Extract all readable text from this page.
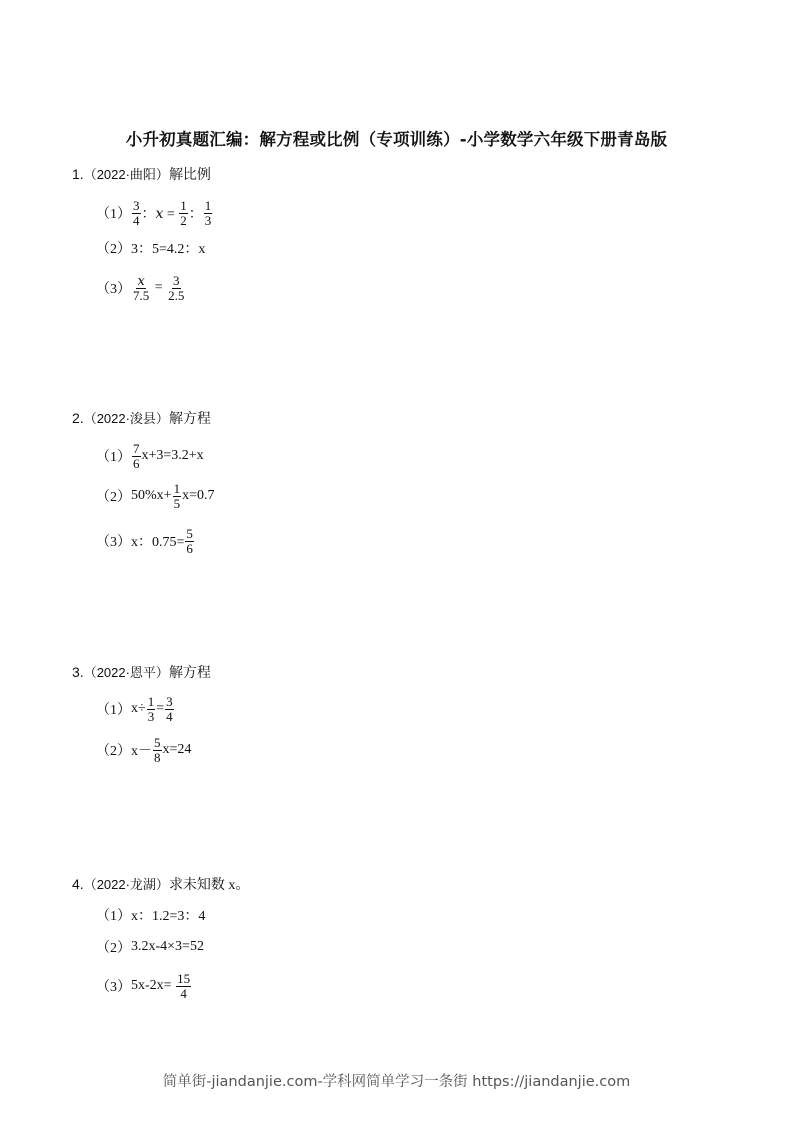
小升初真题汇编：解方程或比例（专项训练）-小学数学六年级下册青岛版
1.（2022·曲阳）解比例
$(1) \frac{3}{4}$ ：𝑥 = $\frac{1}{2}$ ： $\frac{1}{3}$
（2） 3：5=4.2：x
$(3) \frac{\text{𝑥}}{7.5} = \frac{3}{2.5}$
2.（2022·浚县）解方程
$(1) \frac{7}{6} x+3=3.2+x$
（2） $50\%x+ \frac{1}{5} x=0.7$
（3） x：$0.75= \frac{5}{6}$
3.（2022·恩平）解方程
（1） $x\div \frac{1}{3} = \frac{3}{4}$
（2） $x- \frac{5}{8} x=24$
4.（2022·龙湖）求未知数 x。
（1） x：1.2=3：4
（2） 3.2x-4×3=52
（3） $5x-2x= \frac{15}{4}$
简单街-jiandanjie.com-学科网简单学习一条街 https://jiandanjie.com
